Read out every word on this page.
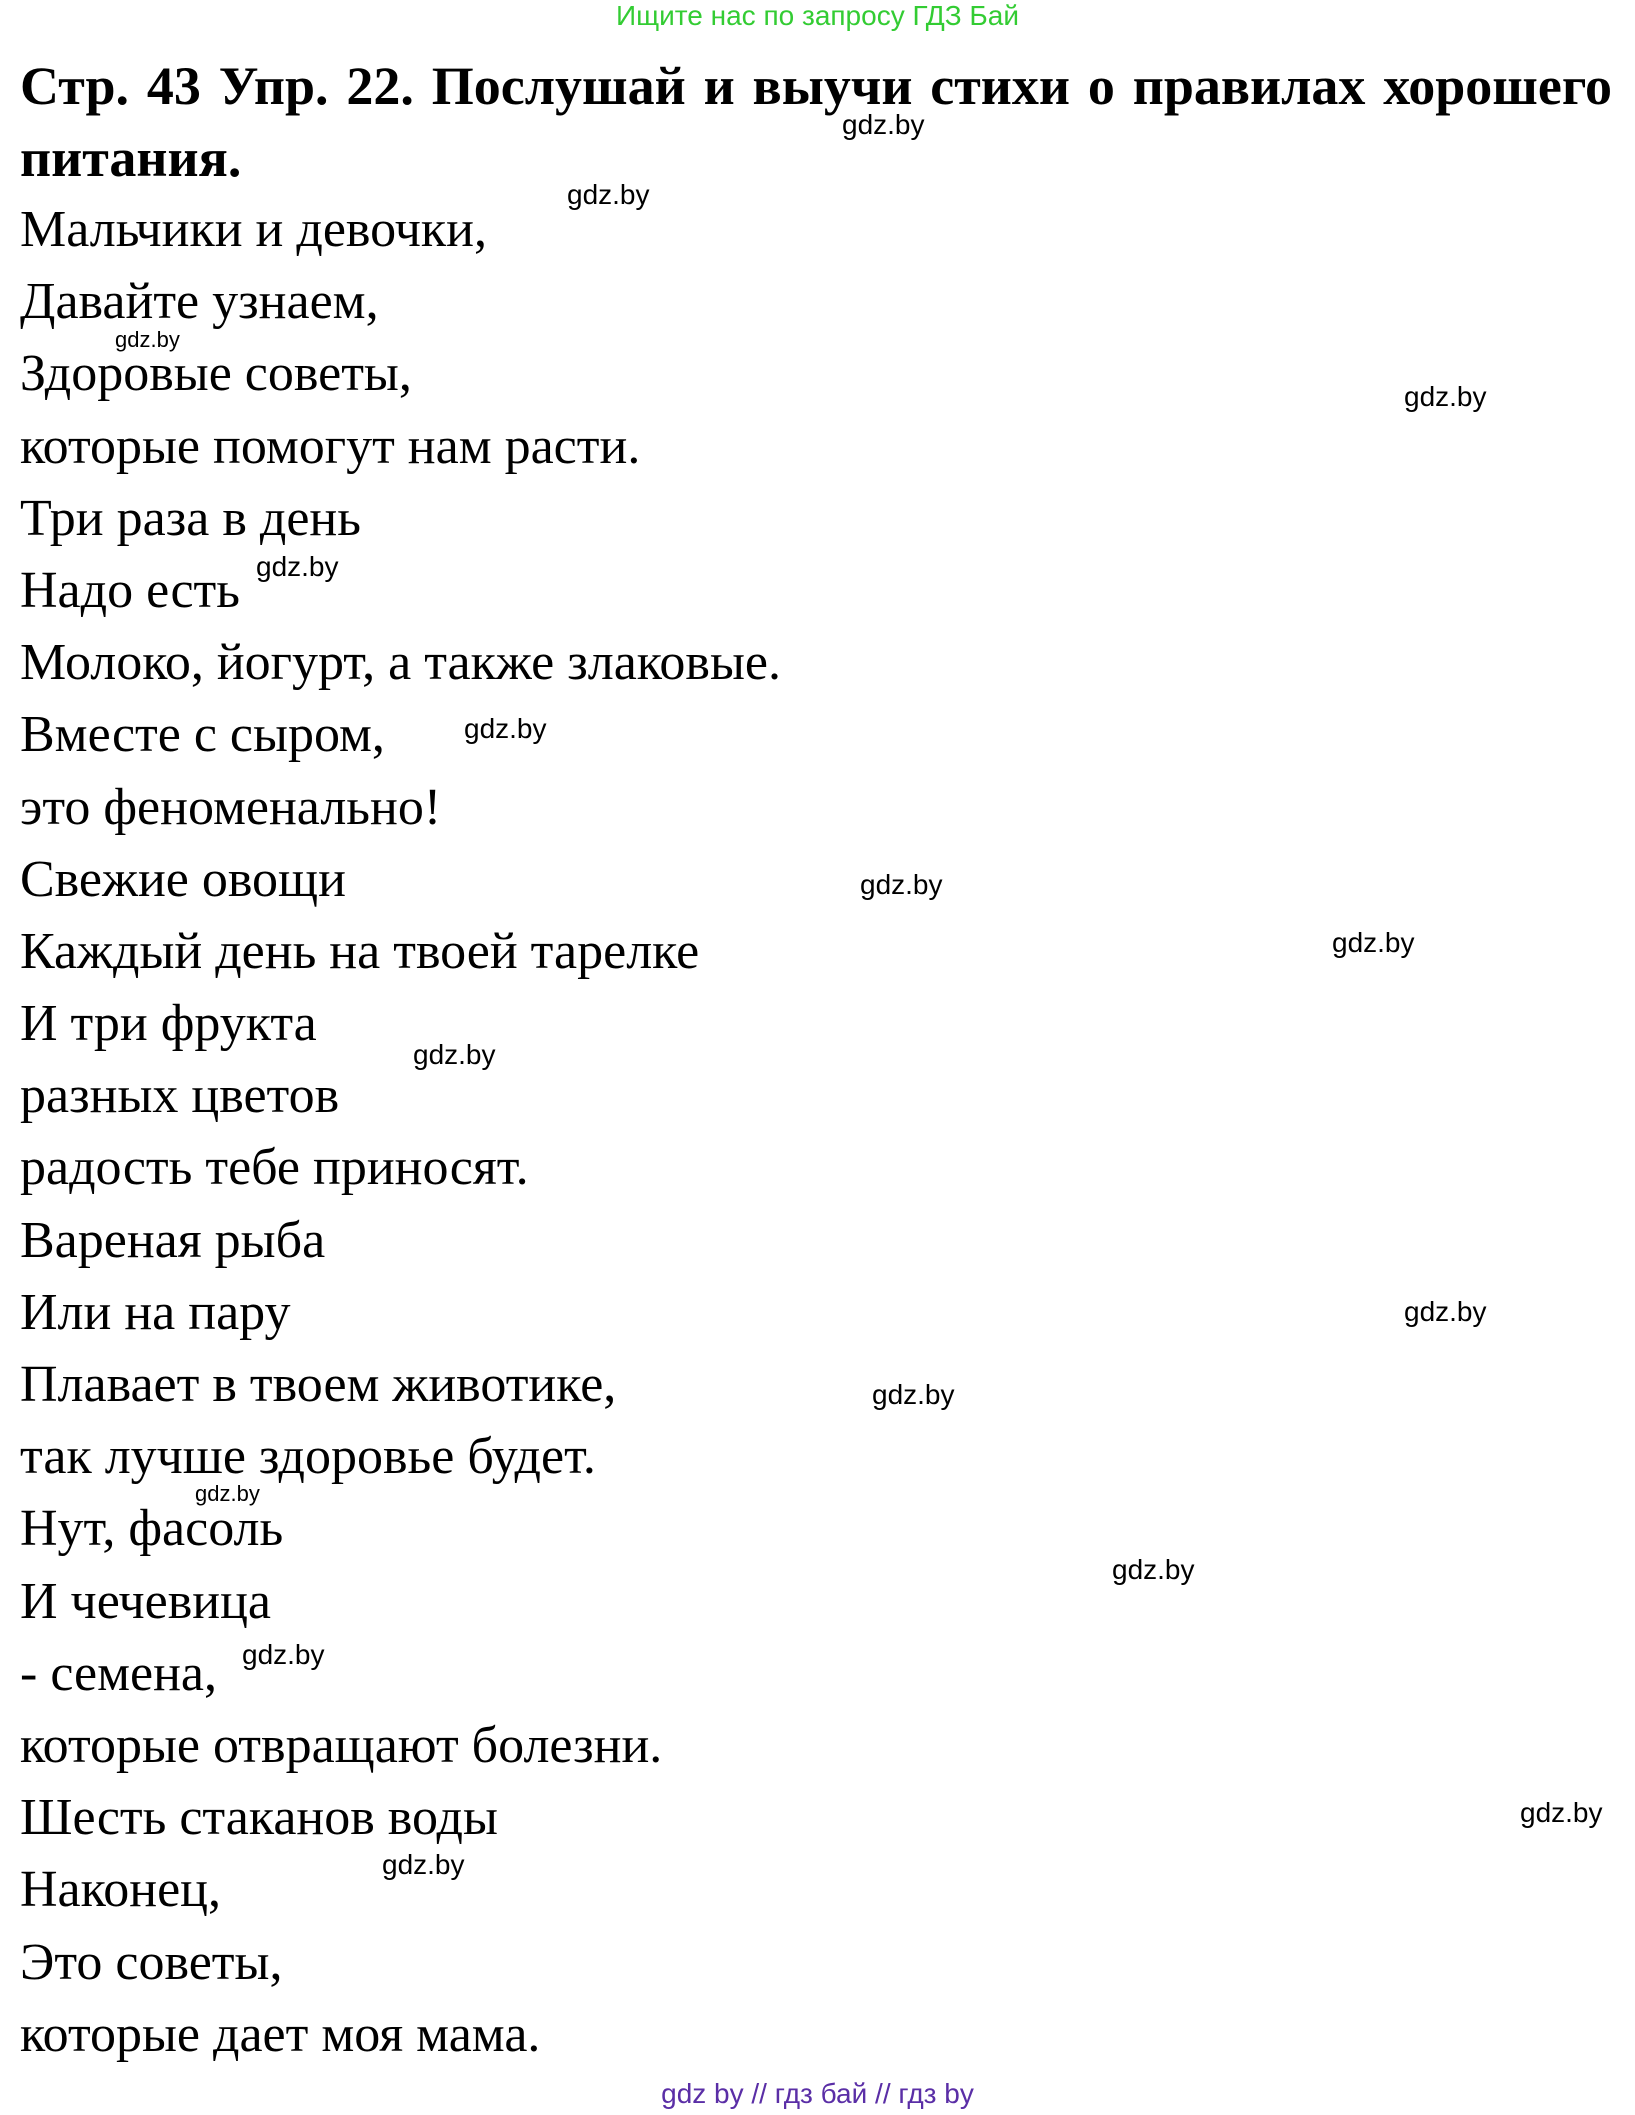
Ищите нас по запросу ГДЗ Бай
Стр. 43 Упр. 22. Послушай и выучи стихи о правилах хорошего питания.
Мальчики и девочки,
Давайте узнаем,
Здоровые советы,
которые помогут нам расти.
Три раза в день
Надо есть
Молоко, йогурт, а также злаковые.
Вместе с сыром,
это феноменально!
Свежие овощи
Каждый день на твоей тарелке
И три фрукта
разных цветов
радость тебе приносят.
Вареная рыба
Или на пару
Плавает в твоем животике,
так лучше здоровье будет.
Нут, фасоль
И чечевица
- семена,
которые отвращают болезни.
Шесть стаканов воды
Наконец,
Это советы,
которые дает моя мама.
gdz.by
gdz.by
gdz.by
gdz.by
gdz.by
gdz.by
gdz.by
gdz.by
gdz.by
gdz.by
gdz.by
gdz.by
gdz.by
gdz.by
gdz.by
gdz.by
gdz by // гдз бай // гдз by
